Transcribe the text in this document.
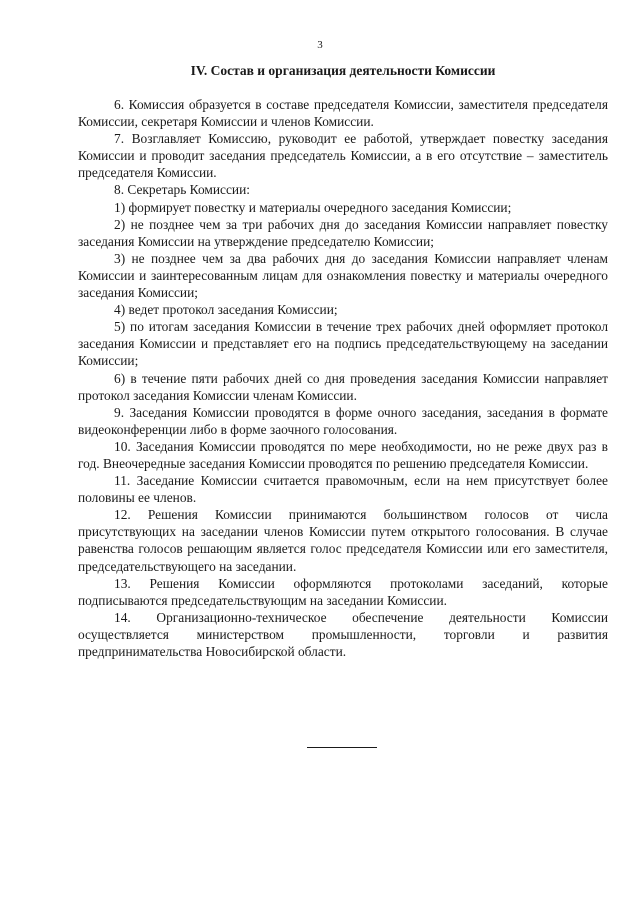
3
IV. Состав и организация деятельности Комиссии

6. Комиссия образуется в составе председателя Комиссии, заместителя председателя Комиссии, секретаря Комиссии и членов Комиссии.

7. Возглавляет Комиссию, руководит ее работой, утверждает повестку заседания Комиссии и проводит заседания председатель Комиссии, а в его отсутствие – заместитель председателя Комиссии.

8. Секретарь Комиссии:

1) формирует повестку и материалы очередного заседания Комиссии;

2) не позднее чем за три рабочих дня до заседания Комиссии направляет повестку заседания Комиссии на утверждение председателю Комиссии;

3) не позднее чем за два рабочих дня до заседания Комиссии направляет членам Комиссии и заинтересованным лицам для ознакомления повестку и материалы очередного заседания Комиссии;

4) ведет протокол заседания Комиссии;

5) по итогам заседания Комиссии в течение трех рабочих дней оформляет протокол заседания Комиссии и представляет его на подпись председательствующему на заседании Комиссии;

6) в течение пяти рабочих дней со дня проведения заседания Комиссии направляет протокол заседания Комиссии членам Комиссии.

9. Заседания Комиссии проводятся в форме очного заседания, заседания в формате видеоконференции либо в форме заочного голосования.

10. Заседания Комиссии проводятся по мере необходимости, но не реже двух раз в год. Внеочередные заседания Комиссии проводятся по решению председателя Комиссии.

11. Заседание Комиссии считается правомочным, если на нем присутствует более половины ее членов.

12. Решения Комиссии принимаются большинством голосов от числа присутствующих на заседании членов Комиссии путем открытого голосования. В случае равенства голосов решающим является голос председателя Комиссии или его заместителя, председательствующего на заседании.

13. Решения Комиссии оформляются протоколами заседаний, которые подписываются председательствующим на заседании Комиссии.

14. Организационно-техническое обеспечение деятельности Комиссии осуществляется министерством промышленности, торговли и развития предпринимательства Новосибирской области.
